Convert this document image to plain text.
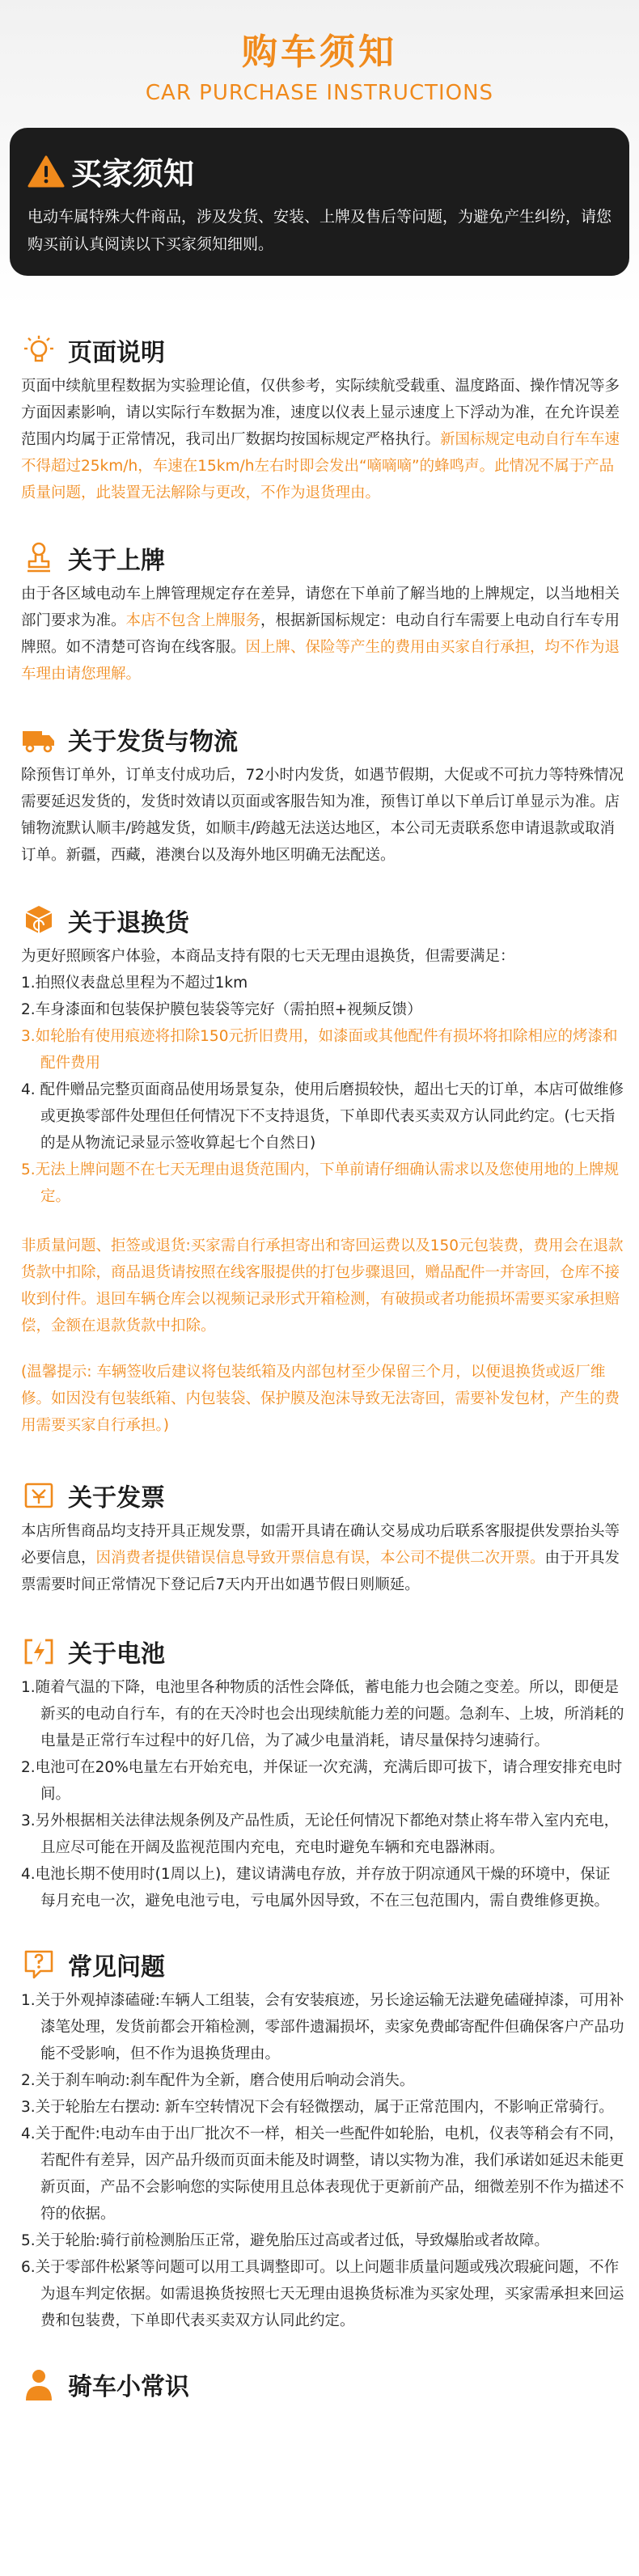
购车须知
CAR PURCHASE INSTRUCTIONS
买家须知

电动车属特殊大件商品，涉及发货、安装、上牌及售后等问题，为避免产生纠纷，请您购买前认真阅读以下买家须知细则。

页面说明

页面中续航里程数据为实验理论值，仅供参考，实际续航受载重、温度路面、操作情况等多方面因素影响，请以实际行车数据为准，速度以仪表上显示速度上下浮动为准，在允许误差范围内均属于正常情况，我司出厂数据均按国标规定严格执行。新国标规定电动自行车车速不得超过25km/h，车速在15km/h左右时即会发出“嘀嘀嘀”的蜂鸣声。此情况不属于产品质量问题，此装置无法解除与更改，不作为退货理由。

关于上牌

由于各区域电动车上牌管理规定存在差异，请您在下单前了解当地的上牌规定，以当地相关部门要求为准。本店不包含上牌服务，根据新国标规定：电动自行车需要上电动自行车专用牌照。如不清楚可咨询在线客服。因上牌、保险等产生的费用由买家自行承担，均不作为退车理由请您理解。

关于发货与物流

除预售订单外，订单支付成功后，72小时内发货，如遇节假期，大促或不可抗力等特殊情况需要延迟发货的，发货时效请以页面或客服告知为准，预售订单以下单后订单显示为准。店铺物流默认顺丰/跨越发货，如顺丰/跨越无法送达地区，本公司无责联系您申请退款或取消订单。新疆，西藏，港澳台以及海外地区明确无法配送。

关于退换货

为更好照顾客户体验，本商品支持有限的七天无理由退换货，但需要满足：

1.拍照仪表盘总里程为不超过1km

2.车身漆面和包装保护膜包装袋等完好（需拍照+视频反馈）

3.如轮胎有使用痕迹将扣除150元折旧费用，如漆面或其他配件有损坏将扣除相应的烤漆和配件费用

4. 配件赠品完整页面商品使用场景复杂，使用后磨损较快，超出七天的订单，本店可做维修或更换零部件处理但任何情况下不支持退货，下单即代表买卖双方认同此约定。(七天指的是从物流记录显示签收算起七个自然日)

5.无法上牌问题不在七天无理由退货范围内，下单前请仔细确认需求以及您使用地的上牌规定。

非质量问题、拒签或退货:买家需自行承担寄出和寄回运费以及150元包装费，费用会在退款货款中扣除，商品退货请按照在线客服提供的打包步骤退回，赠品配件一并寄回，仓库不接收到付件。退回车辆仓库会以视频记录形式开箱检测，有破损或者功能损坏需要买家承担赔偿，金额在退款货款中扣除。

(温馨提示: 车辆签收后建议将包装纸箱及内部包材至少保留三个月，以便退换货或返厂维修。如因没有包装纸箱、内包装袋、保护膜及泡沫导致无法寄回，需要补发包材，产生的费用需要买家自行承担。)

关于发票

本店所售商品均支持开具正规发票，如需开具请在确认交易成功后联系客服提供发票抬头等必要信息，因消费者提供错误信息导致开票信息有误，本公司不提供二次开票。由于开具发票需要时间正常情况下登记后7天内开出如遇节假日则顺延。

关于电池

1.随着气温的下降，电池里各种物质的活性会降低，蓄电能力也会随之变差。所以，即便是新买的电动自行车，有的在天冷时也会出现续航能力差的问题。急刹车、上坡，所消耗的电量是正常行车过程中的好几倍，为了减少电量消耗，请尽量保持匀速骑行。

2.电池可在20%电量左右开始充电，并保证一次充满，充满后即可拔下，请合理安排充电时间。

3.另外根据相关法律法规条例及产品性质，无论任何情况下都绝对禁止将车带入室内充电，且应尽可能在开阔及监视范围内充电，充电时避免车辆和充电器淋雨。

4.电池长期不使用时(1周以上)，建议请满电存放，并存放于阴凉通风干燥的环境中，保证每月充电一次，避免电池亏电，亏电属外因导致，不在三包范围内，需自费维修更换。

常见问题

1.关于外观掉漆磕碰:车辆人工组装，会有安装痕迹，另长途运输无法避免磕碰掉漆，可用补漆笔处理，发货前都会开箱检测，零部件遗漏损坏，卖家免费邮寄配件但确保客户产品功能不受影响，但不作为退换货理由。

2.关于刹车响动:刹车配件为全新，磨合使用后响动会消失。

3.关于轮胎左右摆动: 新车空转情况下会有轻微摆动，属于正常范围内，不影响正常骑行。

4.关于配件:电动车由于出厂批次不一样，相关一些配件如轮胎，电机，仪表等稍会有不同，若配件有差异，因产品升级而页面未能及时调整，请以实物为准，我们承诺如延迟未能更新页面，产品不会影响您的实际使用且总体表现优于更新前产品，细微差别不作为描述不符的依据。

5.关于轮胎:骑行前检测胎压正常，避免胎压过高或者过低，导致爆胎或者故障。

6.关于零部件松紧等问题可以用工具调整即可。以上问题非质量问题或残次瑕疵问题，不作为退车判定依据。如需退换货按照七天无理由退换货标准为买家处理，买家需承担来回运费和包装费，下单即代表买卖双方认同此约定。

骑车小常识
